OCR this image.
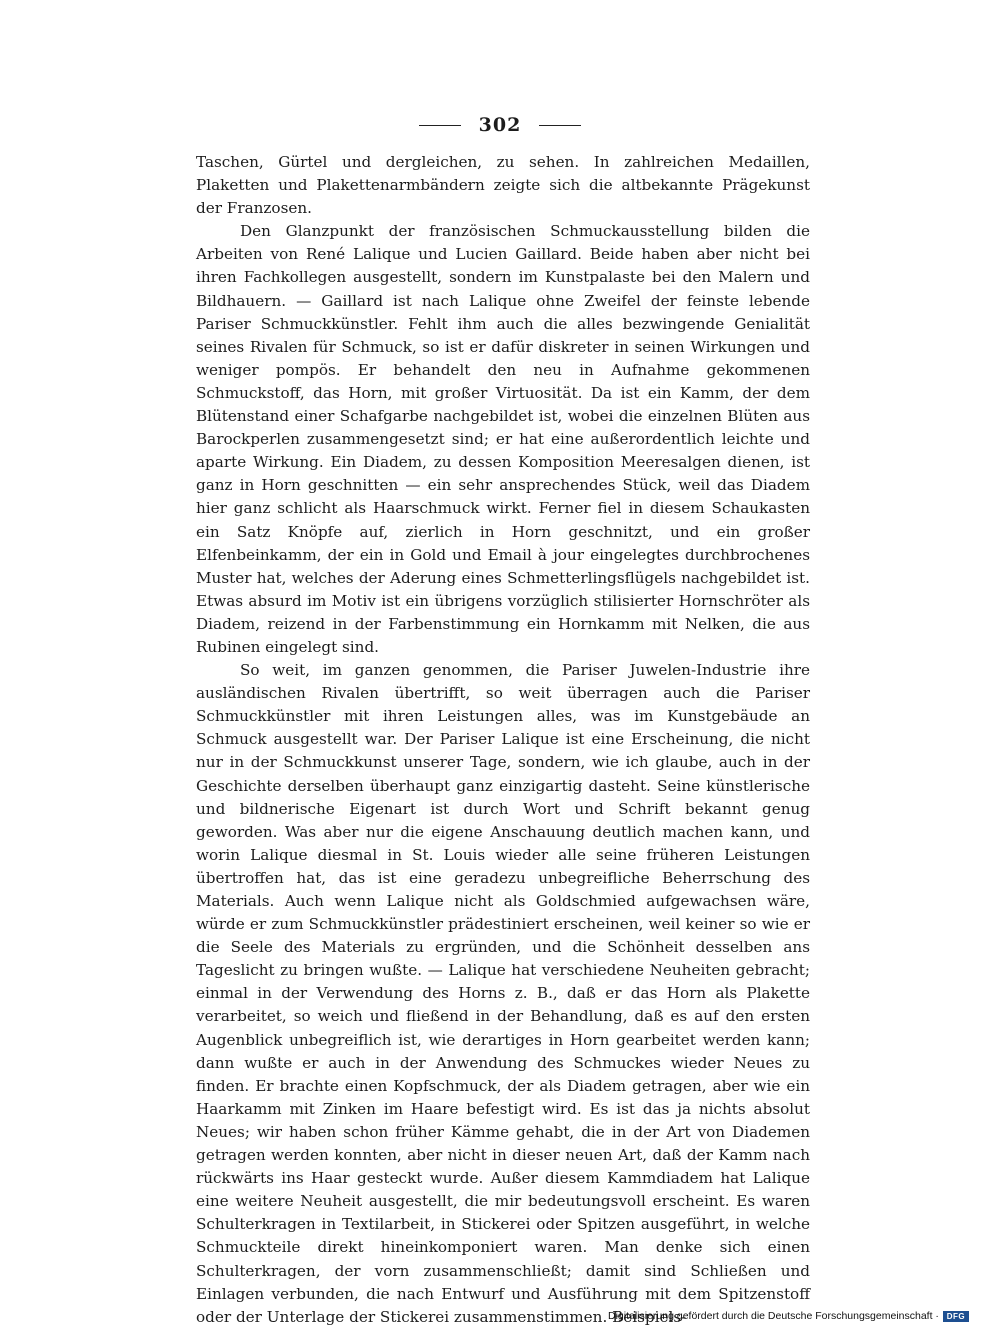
302

Taschen, Gürtel und dergleichen, zu sehen. In zahlreichen Medaillen, Plaketten und Plakettenarmbändern zeigte sich die altbekannte Prägekunst der Franzosen.

Den Glanzpunkt der französischen Schmuckausstellung bilden die Arbeiten von René Lalique und Lucien Gaillard. Beide haben aber nicht bei ihren Fachkollegen ausgestellt, sondern im Kunstpalaste bei den Malern und Bildhauern. — Gaillard ist nach Lalique ohne Zweifel der feinste lebende Pariser Schmuckkünstler. Fehlt ihm auch die alles bezwingende Genialität seines Rivalen für Schmuck, so ist er dafür diskreter in seinen Wirkungen und weniger pompös. Er behandelt den neu in Aufnahme gekommenen Schmuckstoff, das Horn, mit großer Virtuosität. Da ist ein Kamm, der dem Blütenstand einer Schafgarbe nachgebildet ist, wobei die einzelnen Blüten aus Barockperlen zusammengesetzt sind; er hat eine außerordentlich leichte und aparte Wirkung. Ein Diadem, zu dessen Komposition Meeresalgen dienen, ist ganz in Horn geschnitten — ein sehr ansprechendes Stück, weil das Diadem hier ganz schlicht als Haarschmuck wirkt. Ferner fiel in diesem Schaukasten ein Satz Knöpfe auf, zierlich in Horn geschnitzt, und ein großer Elfenbeinkamm, der ein in Gold und Email à jour eingelegtes durchbrochenes Muster hat, welches der Aderung eines Schmetterlingsflügels nachgebildet ist. Etwas absurd im Motiv ist ein übrigens vorzüglich stilisierter Hornschröter als Diadem, reizend in der Farbenstimmung ein Hornkamm mit Nelken, die aus Rubinen eingelegt sind.

So weit, im ganzen genommen, die Pariser Juwelen-Industrie ihre ausländischen Rivalen übertrifft, so weit überragen auch die Pariser Schmuckkünstler mit ihren Leistungen alles, was im Kunstgebäude an Schmuck ausgestellt war. Der Pariser Lalique ist eine Erscheinung, die nicht nur in der Schmuckkunst unserer Tage, sondern, wie ich glaube, auch in der Geschichte derselben überhaupt ganz einzigartig dasteht. Seine künstlerische und bildnerische Eigenart ist durch Wort und Schrift bekannt genug geworden. Was aber nur die eigene Anschauung deutlich machen kann, und worin Lalique diesmal in St. Louis wieder alle seine früheren Leistungen übertroffen hat, das ist eine geradezu unbegreifliche Beherrschung des Materials. Auch wenn Lalique nicht als Goldschmied aufgewachsen wäre, würde er zum Schmuckkünstler prädestiniert erscheinen, weil keiner so wie er die Seele des Materials zu ergründen, und die Schönheit desselben ans Tageslicht zu bringen wußte. — Lalique hat verschiedene Neuheiten gebracht; einmal in der Verwendung des Horns z. B., daß er das Horn als Plakette verarbeitet, so weich und fließend in der Behandlung, daß es auf den ersten Augenblick unbegreiflich ist, wie derartiges in Horn gearbeitet werden kann; dann wußte er auch in der Anwendung des Schmuckes wieder Neues zu finden. Er brachte einen Kopfschmuck, der als Diadem getragen, aber wie ein Haarkamm mit Zinken im Haare befestigt wird. Es ist das ja nichts absolut Neues; wir haben schon früher Kämme gehabt, die in der Art von Diademen getragen werden konnten, aber nicht in dieser neuen Art, daß der Kamm nach rückwärts ins Haar gesteckt wurde. Außer diesem Kammdiadem hat Lalique eine weitere Neuheit ausgestellt, die mir bedeutungsvoll erscheint. Es waren Schulterkragen in Textilarbeit, in Stickerei oder Spitzen ausgeführt, in welche Schmuckteile direkt hineinkomponiert waren. Man denke sich einen Schulterkragen, der vorn zusammenschließt; damit sind Schließen und Einlagen verbunden, die nach Entwurf und Ausführung mit dem Spitzenstoff oder der Unterlage der Stickerei zusammenstimmen. Beispiels-

Digitalisierung gefördert durch die Deutsche Forschungsgemeinschaft · DFG
